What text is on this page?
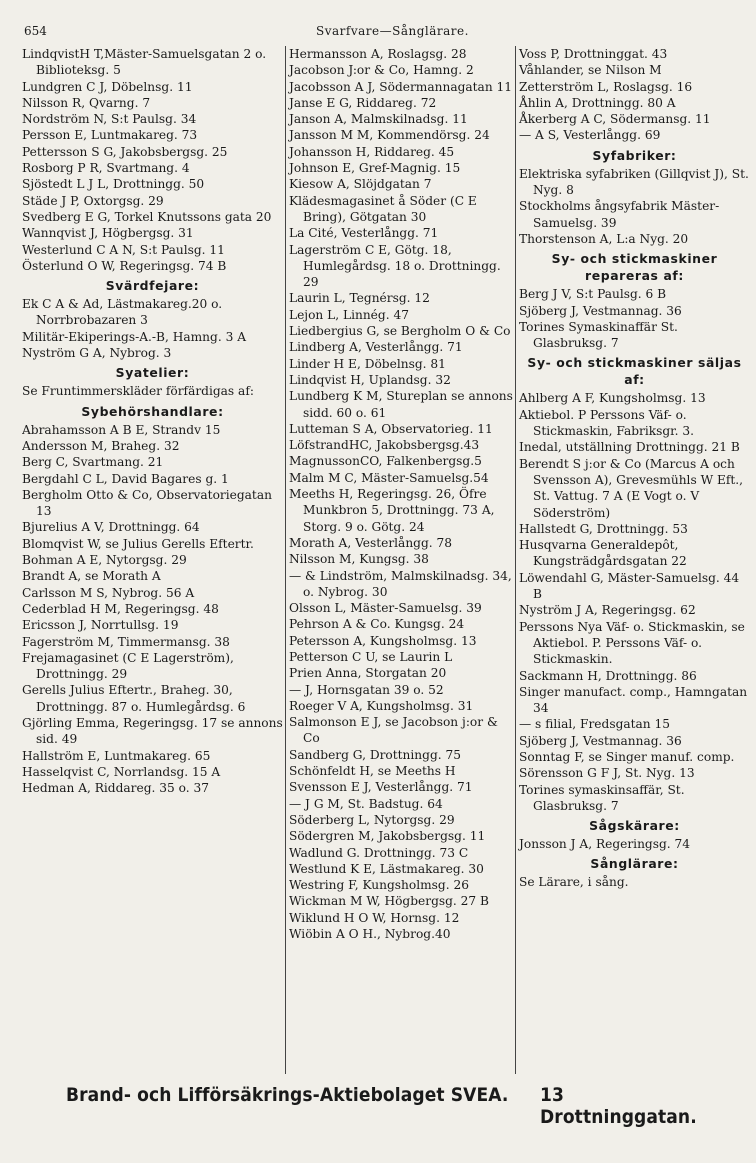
654	Svarfvare—Sånglärare.
LindqvistH T,Mäster-Samuelsgatan 2 o. Biblioteksg. 5
Lundgren C J, Döbelnsg. 11
Nilsson R, Qvarng. 7
Nordström N, S:t Paulsg. 34
Persson E, Luntmakareg. 73
Pettersson S G, Jakobsbergsg. 25
Rosborg P R, Svartmang. 4
Sjöstedt L J L, Drottningg. 50
Städe J P, Oxtorgsg. 29
Svedberg E G, Torkel Knutssons gata 20
Wannqvist J, Högbergsg. 31
Westerlund C A N, S:t Paulsg. 11
Österlund O W, Regeringsg. 74 B
Svärdfejare:
Ek C A & Ad, Lästmakareg.20 o. Norrbrobazaren 3
Militär-Ekiperings-A.-B, Hamng. 3 A
Nyström G A, Nybrog. 3
Syatelier:
Se Fruntimmerskläder förfärdigas af:
Sybehörshandlare:
Abrahamsson A B E, Strandv 15
Andersson M, Braheg. 32
Berg C, Svartmang. 21
Bergdahl C L, David Bagares g. 1
Bergholm Otto & Co, Observatoriegatan 13
Bjurelius A V, Drottningg. 64
Blomqvist W, se Julius Gerells Eftertr.
Bohman A E, Nytorgsg. 29
Brandt A, se Morath A
Carlsson M S, Nybrog. 56 A
Cederblad H M, Regeringsg. 48
Ericsson J, Norrtullsg. 19
Fagerström M, Timmermansg. 38
Frejamagasinet (C E Lagerström), Drottningg. 29
Gerells Julius Eftertr., Braheg. 30, Drottningg. 87 o. Humlegårdsg. 6
Gjörling Emma, Regeringsg. 17 se annons sid. 49
Hallström E, Luntmakareg. 65
Hasselqvist C, Norrlandsg. 15 A
Hedman A, Riddareg. 35 o. 37
Hermansson A, Roslagsg. 28
Jacobson J:or & Co, Hamng. 2
Jacobsson A J, Södermannagatan 11
Janse E G, Riddareg. 72
Janson A, Malmskilnadsg. 11
Jansson M M, Kommendörsg. 24
Johansson H, Riddareg. 45
Johnson E, Gref-Magnig. 15
Kiesow A, Slöjdgatan 7
Klädesmagasinet å Söder (C E Bring), Götgatan 30
La Cité, Vesterlångg. 71
Lagerström C E, Götg. 18, Humlegårdsg. 18 o. Drottningg. 29
Laurin L, Tegnérsg. 12
Lejon L, Linnég. 47
Liedbergius G, se Bergholm O & Co
Lindberg A, Vesterlångg. 71
Linder H E, Döbelnsg. 81
Lindqvist H, Uplandsg. 32
Lundberg K M, Stureplan se annons sidd. 60 o. 61
Lutteman S A, Observatorieg. 11
LöfstrandHC, Jakobsbergsg.43
MagnussonCO, Falkenbergsg.5
Malm M C, Mäster-Samuelsg.54
Meeths H, Regeringsg. 26, Öfre Munkbron 5, Drottningg. 73 A, Storg. 9 o. Götg. 24
Morath A, Vesterlångg. 78
Nilsson M, Kungsg. 38
— & Lindström, Malmskilnadsg. 34, o. Nybrog. 30
Olsson L, Mäster-Samuelsg. 39
Pehrson A & Co. Kungsg. 24
Petersson A, Kungsholmsg. 13
Petterson C U, se Laurin L
Prien Anna, Storgatan 20
— J, Hornsgatan 39 o. 52
Roeger V A, Kungsholmsg. 31
Salmonson E J, se Jacobson j:or & Co
Sandberg G, Drottningg. 75
Schönfeldt H, se Meeths H
Svensson E J, Vesterlångg. 71
— J G M, St. Badstug. 64
Söderberg L, Nytorgsg. 29
Södergren M, Jakobsbergsg. 11
Wadlund G. Drottningg. 73 C
Westlund K E, Lästmakareg. 30
Westring F, Kungsholmsg. 26
Wickman M W, Högbergsg. 27 B
Wiklund H O W, Hornsg. 12
Wiöbin A O H., Nybrog.40
Voss P, Drottninggat. 43
Våhlander, se Nilson M
Zetterström L, Roslagsg. 16
Åhlin A, Drottningg. 80 A
Åkerberg A C, Södermansg. 11
— A S, Vesterlångg. 69
Syfabriker:
Elektriska syfabriken (Gillqvist J), St. Nyg. 8
Stockholms ångsyfabrik Mäster-Samuelsg. 39
Thorstenson A, L:a Nyg. 20
Sy- och stickmaskiner repareras af:
Berg J V, S:t Paulsg. 6 B
Sjöberg J, Vestmannag. 36
Torines Symaskinaffär St. Glasbruksg. 7
Sy- och stickmaskiner säljas af:
Ahlberg A F, Kungsholmsg. 13
Aktiebol. P Perssons Väf- o. Stickmaskin, Fabriksgr. 3.
Inedal, utställning Drottningg. 21 B
Berendt S j:or & Co (Marcus A och Svensson A), Grevesmühls W Eft., St. Vattug. 7 A (E Vogt o. V Söderström)
Hallstedt G, Drottningg. 53
Husqvarna Generaldepôt, Kungsträdgårdsgatan 22
Löwendahl G, Mäster-Samuelsg. 44 B
Nyström J A, Regeringsg. 62
Perssons Nya Väf- o. Stickmaskin, se Aktiebol. P. Perssons Väf- o. Stickmaskin.
Sackmann H, Drottningg. 86
Singer manufact. comp., Hamngatan 34
— s filial, Fredsgatan 15
Sjöberg J, Vestmannag. 36
Sonntag F, se Singer manuf. comp.
Sörensson G F J, St. Nyg. 13
Torines symaskinsaffär, St. Glasbruksg. 7
Sågskärare:
Jonsson J A, Regeringsg. 74
Sånglärare:
Se Lärare, i sång.
Brand- och Lifförsäkrings-Aktiebolaget SVEA. 13 Drottninggatan.
